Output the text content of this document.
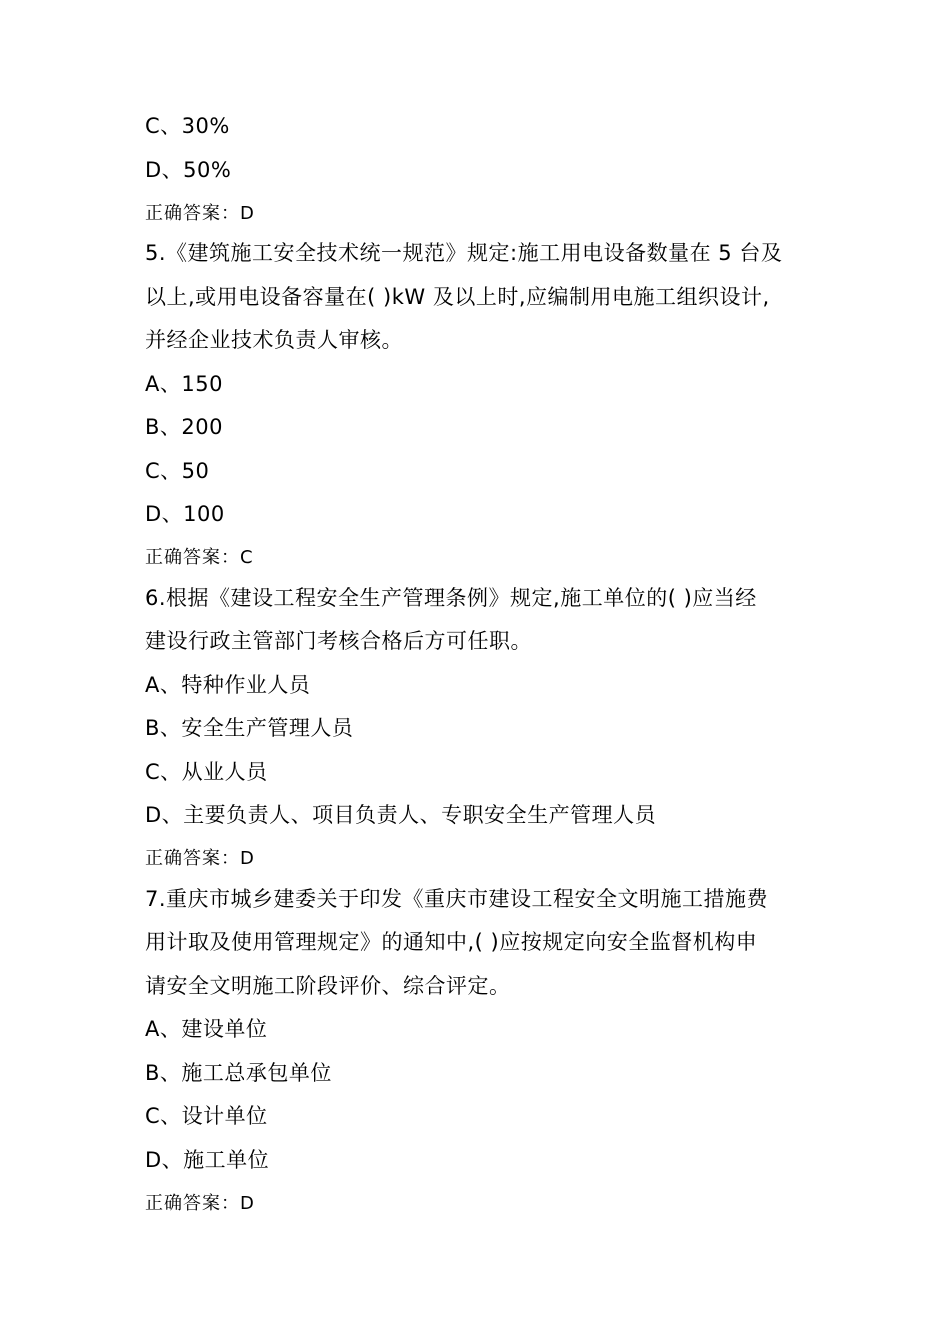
C、30%
D、50%
正确答案：D
5.《建筑施工安全技术统一规范》规定:施工用电设备数量在 5 台及
以上,或用电设备容量在( )kW 及以上时,应编制用电施工组织设计,
并经企业技术负责人审核。
A、150
B、200
C、50
D、100
正确答案：C
6.根据《建设工程安全生产管理条例》规定,施工单位的( )应当经
建设行政主管部门考核合格后方可任职。
A、特种作业人员
B、安全生产管理人员
C、从业人员
D、主要负责人、项目负责人、专职安全生产管理人员
正确答案：D
7.重庆市城乡建委关于印发《重庆市建设工程安全文明施工措施费
用计取及使用管理规定》的通知中,( )应按规定向安全监督机构申
请安全文明施工阶段评价、综合评定。
A、建设单位
B、施工总承包单位
C、设计单位
D、施工单位
正确答案：D
